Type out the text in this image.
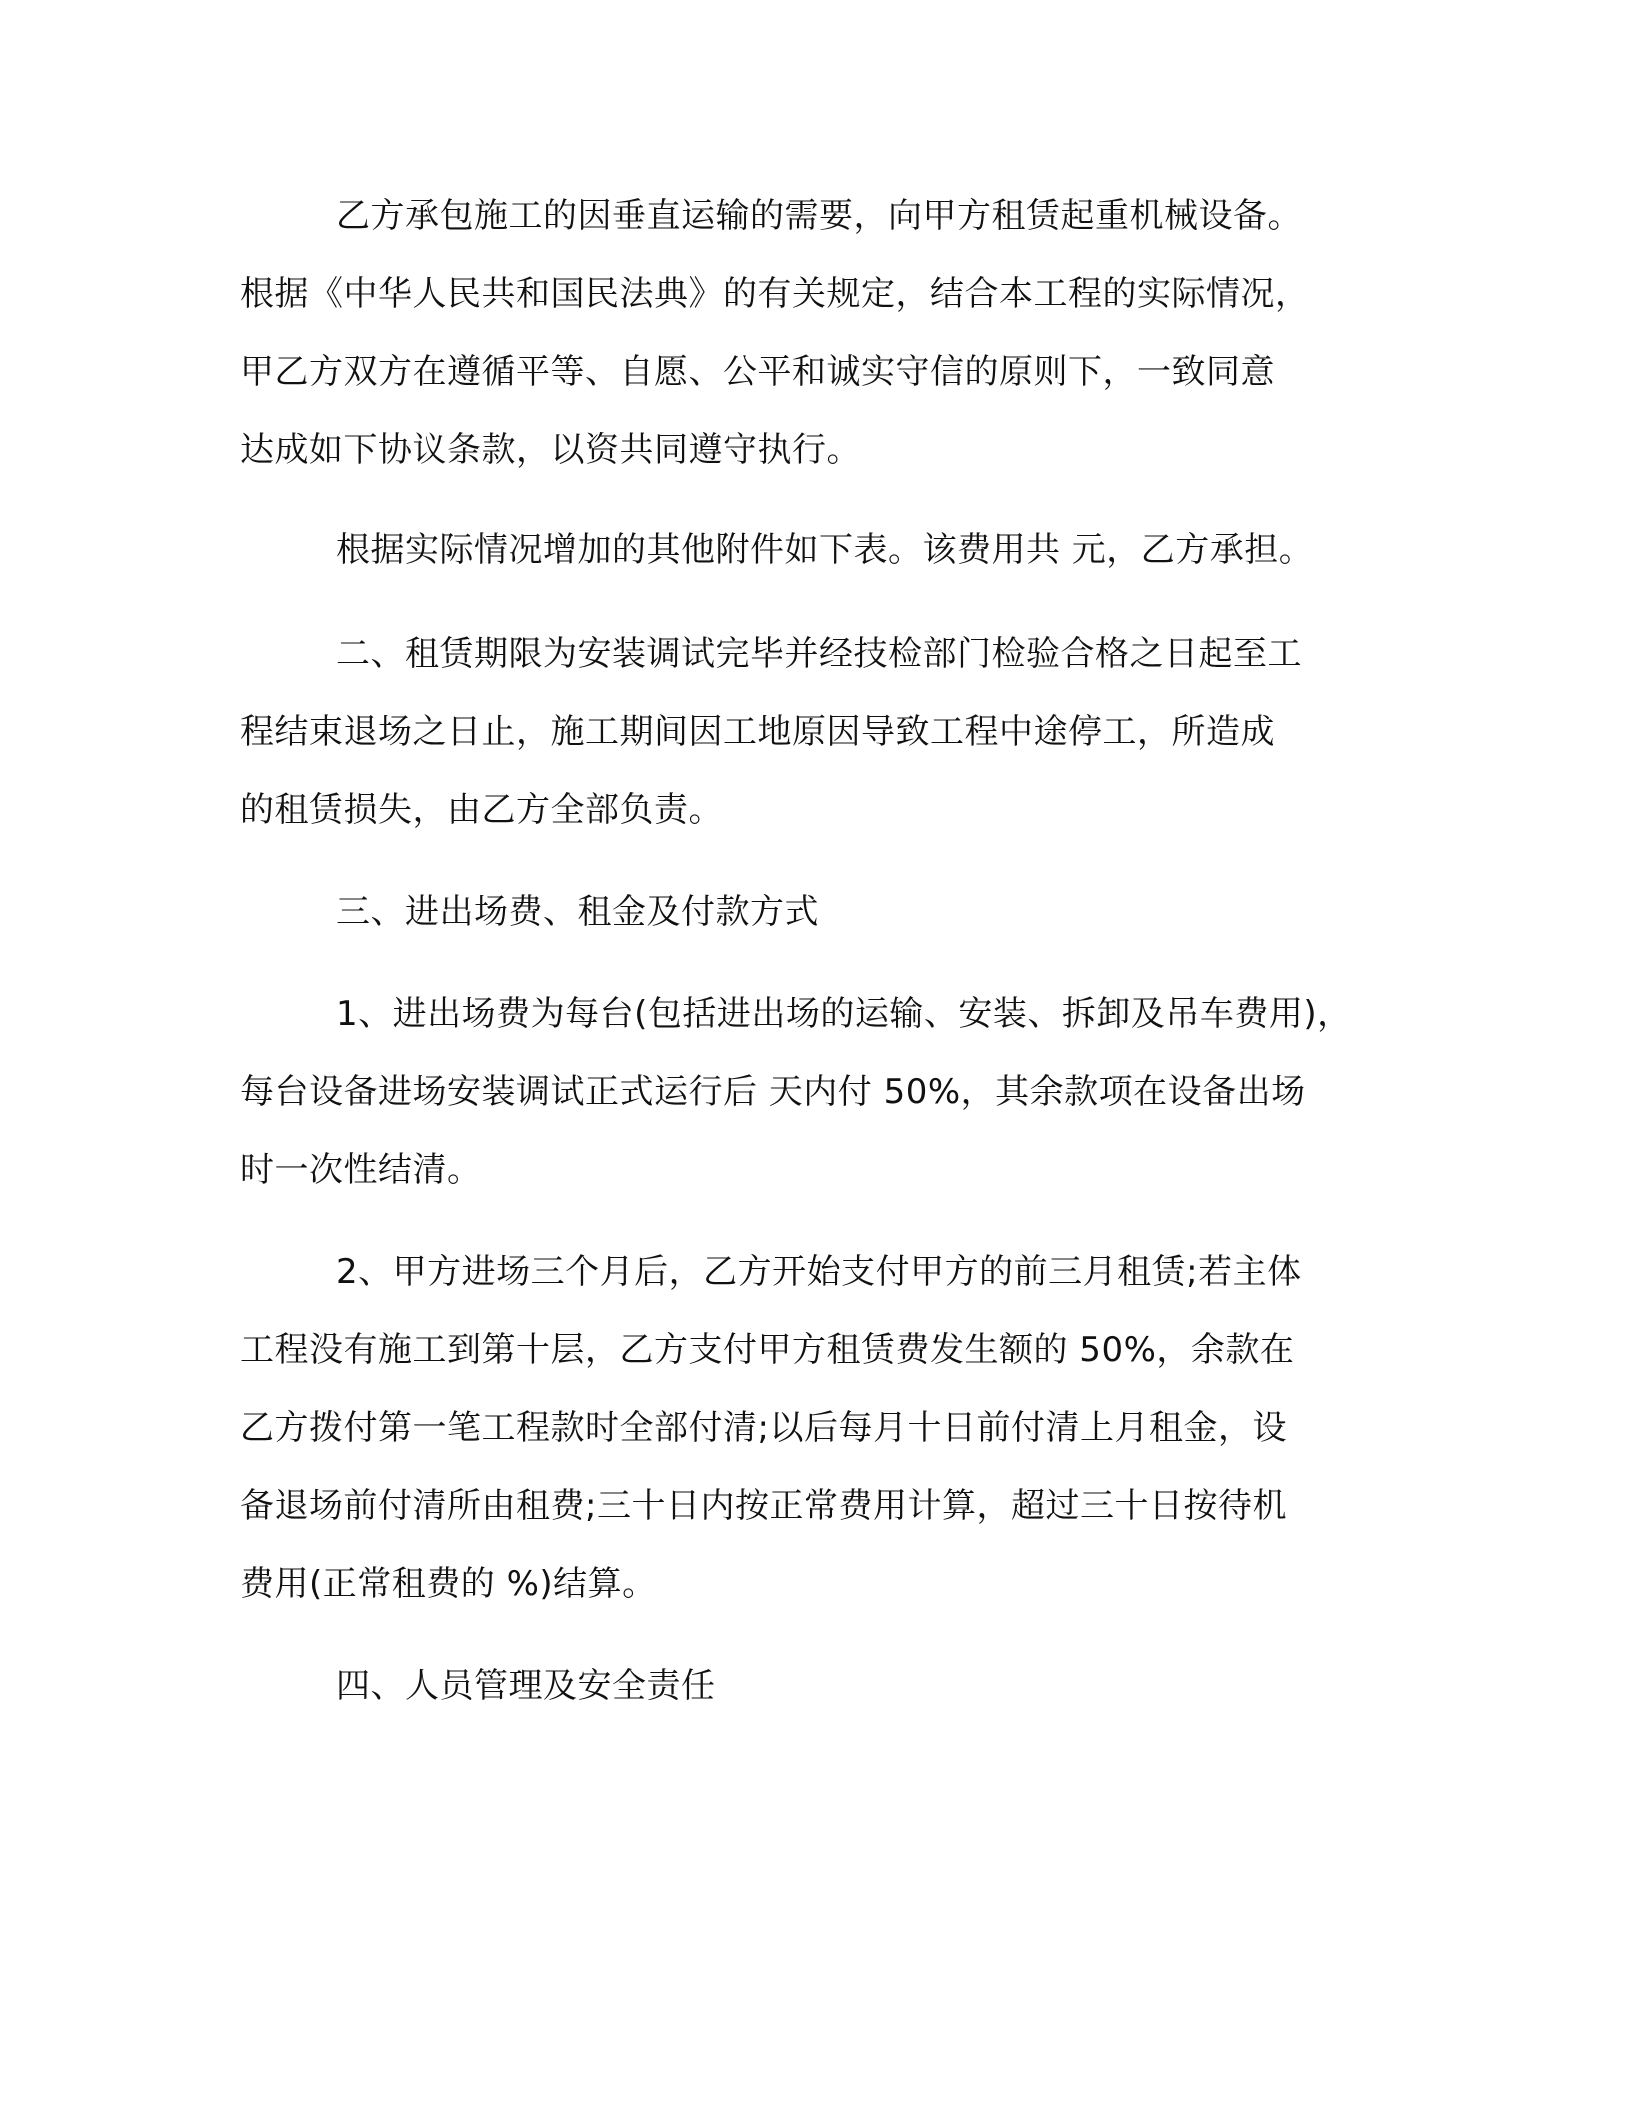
乙方承包施工的因垂直运输的需要，向甲方租赁起重机械设备。
根据《中华人民共和国民法典》的有关规定，结合本工程的实际情况，
甲乙方双方在遵循平等、自愿、公平和诚实守信的原则下，一致同意
达成如下协议条款，以资共同遵守执行。
根据实际情况增加的其他附件如下表。该费用共 元，乙方承担。
二、租赁期限为安装调试完毕并经技检部门检验合格之日起至工
程结束退场之日止，施工期间因工地原因导致工程中途停工，所造成
的租赁损失，由乙方全部负责。
三、进出场费、租金及付款方式
1、进出场费为每台(包括进出场的运输、安装、拆卸及吊车费用)，
每台设备进场安装调试正式运行后 天内付 50%，其余款项在设备出场
时一次性结清。
2、甲方进场三个月后，乙方开始支付甲方的前三月租赁;若主体
工程没有施工到第十层，乙方支付甲方租赁费发生额的 50%，余款在
乙方拨付第一笔工程款时全部付清;以后每月十日前付清上月租金，设
备退场前付清所由租费;三十日内按正常费用计算，超过三十日按待机
费用(正常租费的 %)结算。
四、人员管理及安全责任
